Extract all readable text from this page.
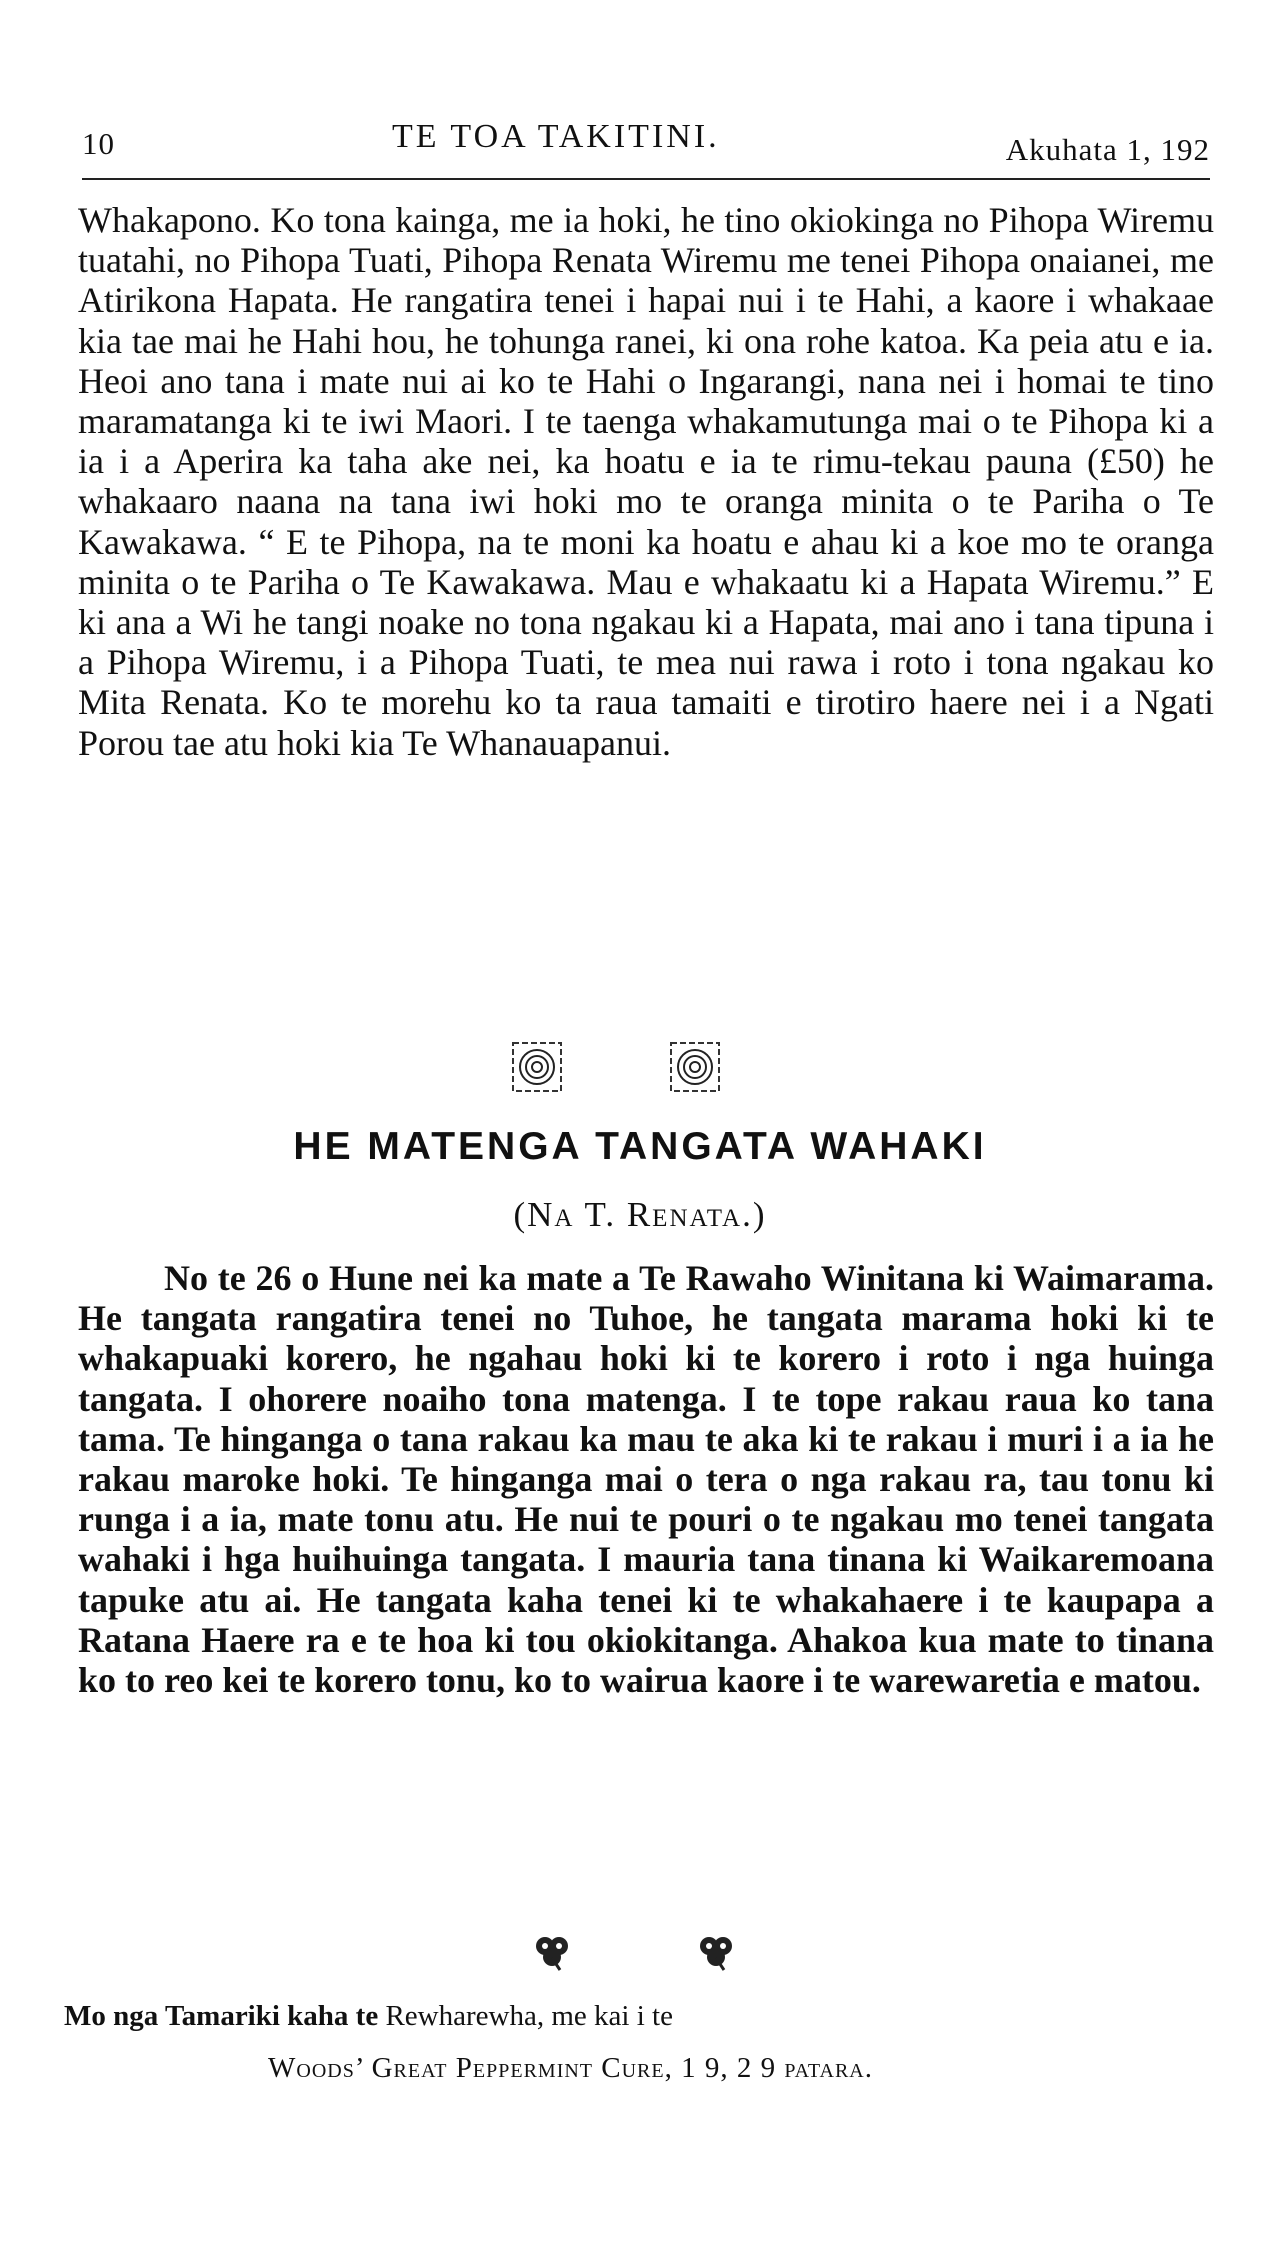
10	TE TOA TAKITINI.	Akuhata 1, 192
Whakapono. Ko tona kainga, me ia hoki, he tino okiokinga no Pihopa Wiremu tuatahi, no Pihopa Tuati, Pihopa Renata Wiremu me tenei Pihopa onaianei, me Atirikona Hapata. He rangatira tenei i hapai nui i te Hahi, a kaore i whakaae kia tae mai he Hahi hou, he tohunga ranei, ki ona rohe katoa. Ka peia atu e ia. Heoi ano tana i mate nui ai ko te Hahi o Ingarangi, nana nei i homai te tino maramatanga ki te iwi Maori. I te taenga whakamutunga mai o te Pihopa ki a ia i a Aperira ka taha ake nei, ka hoatu e ia te rimu-tekau pauna (£50) he whakaaro naana na tana iwi hoki mo te oranga minita o te Pariha o Te Kawakawa. “ E te Pihopa, na te moni ka hoatu e ahau ki a koe mo te oranga minita o te Pariha o Te Kawakawa. Mau e whakaatu ki a Hapata Wiremu.” E ki ana a Wi he tangi noake no tona ngakau ki a Hapata, mai ano i tana tipuna i a Pihopa Wiremu, i a Pihopa Tuati, te mea nui rawa i roto i tona ngakau ko Mita Renata. Ko te morehu ko ta raua tamaiti e tirotiro haere nei i a Ngati Porou tae atu hoki kia Te Whanauapanui.
HE MATENGA TANGATA WAHAKI
(Na T. Renata.)
No te 26 o Hune nei ka mate a Te Rawaho Winitana ki Waimarama. He tangata rangatira tenei no Tuhoe, he tangata marama hoki ki te whakapuaki korero, he ngahau hoki ki te korero i roto i nga huinga tangata. I ohorere noaiho tona matenga. I te tope rakau raua ko tana tama. Te hinganga o tana rakau ka mau te aka ki te rakau i muri i a ia he rakau maroke hoki. Te hinganga mai o tera o nga rakau ra, tau tonu ki runga i a ia, mate tonu atu. He nui te pouri o te ngakau mo tenei tangata wahaki i hga huihuinga tangata. I mauria tana tinana ki Waikaremoana tapuke atu ai. He tangata kaha tenei ki te whakahaere i te kaupapa a Ratana Haere ra e te hoa ki tou okiokitanga. Ahakoa kua mate to tinana ko to reo kei te korero tonu, ko to wairua kaore i te warewaretia e matou.
Mo nga Tamariki kaha te Rewharewha, me kai i te
Woods’ Great Peppermint Cure, 1 9, 2 9 patara.
